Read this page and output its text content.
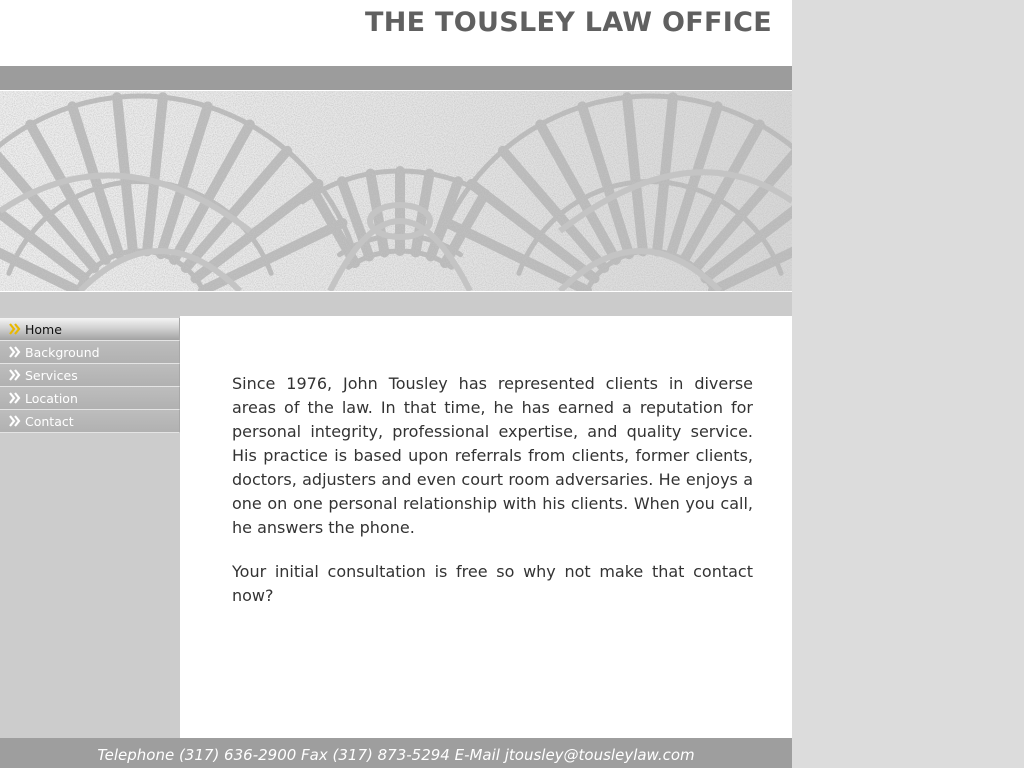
THE TOUSLEY LAW OFFICE
Home
Background
Services
Location
Contact

Since 1976, John Tousley has represented clients in diverse areas of the law. In that time, he has earned a reputation for personal integrity, professional expertise, and quality service. His practice is based upon referrals from clients, former clients, doctors, adjusters and even court room adversaries. He enjoys a one on one personal relationship with his clients. When you call, he answers the phone.

Your initial consultation is free so why not make that contact now?

Telephone (317) 636-2900 Fax (317) 873-5294 E-Mail jtousley@tousleylaw.com
